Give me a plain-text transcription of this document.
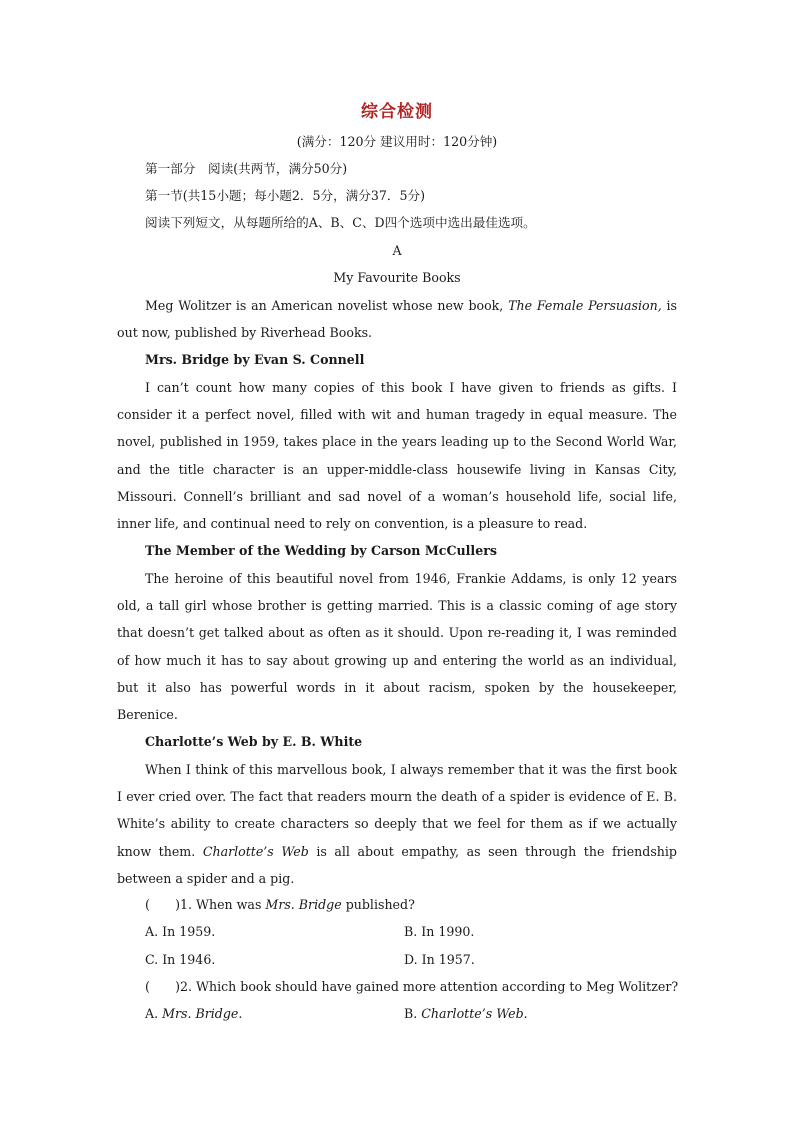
综合检测
(满分：120分 建议用时：120分钟)
第一部分　阅读(共两节，满分50分)
第一节(共15小题；每小题2．5分，满分37．5分)
阅读下列短文，从每题所给的A、B、C、D四个选项中选出最佳选项。
A
My Favourite Books
Meg Wolitzer is an American novelist whose new book, The Female Persuasion, is out now, published by Riverhead Books.
Mrs. Bridge by Evan S. Connell
I can’t count how many copies of this book I have given to friends as gifts. I consider it a perfect novel, filled with wit and human tragedy in equal measure. The novel, published in 1959, takes place in the years leading up to the Second World War, and the title character is an upper-middle-class housewife living in Kansas City, Missouri. Connell’s brilliant and sad novel of a woman’s household life, social life, inner life, and continual need to rely on convention, is a pleasure to read.
The Member of the Wedding by Carson McCullers
The heroine of this beautiful novel from 1946, Frankie Addams, is only 12 years old, a tall girl whose brother is getting married. This is a classic coming of age story that doesn’t get talked about as often as it should. Upon re-reading it, I was reminded of how much it has to say about growing up and entering the world as an individual, but it also has powerful words in it about racism, spoken by the housekeeper, Berenice.
Charlotte’s Web by E. B. White
When I think of this marvellous book, I always remember that it was the first book I ever cried over. The fact that readers mourn the death of a spider is evidence of E. B. White’s ability to create characters so deeply that we feel for them as if we actually know them. Charlotte’s Web is all about empathy, as seen through the friendship between a spider and a pig.
(　　)1. When was Mrs. Bridge published?
A. In 1959.	B. In 1990.
C. In 1946.	D. In 1957.
(　　)2. Which book should have gained more attention according to Meg Wolitzer?
A. Mrs. Bridge.	B. Charlotte’s Web.
